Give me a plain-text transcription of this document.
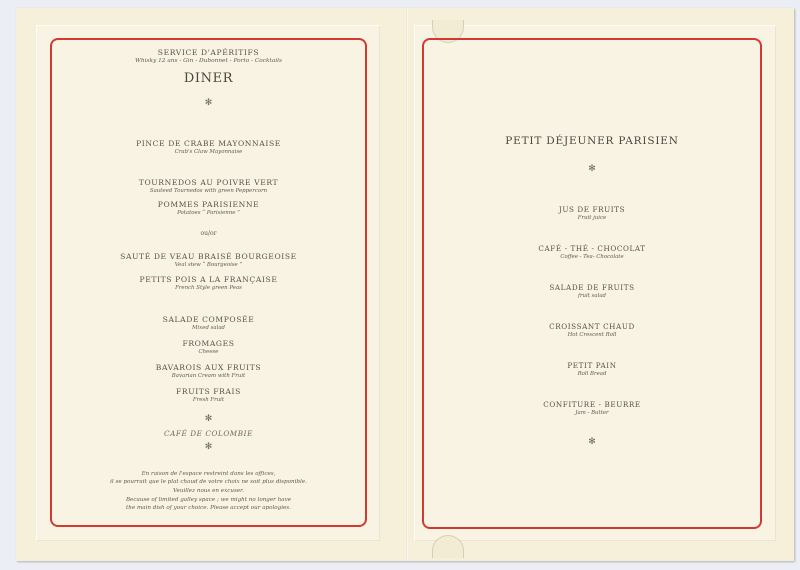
SERVICE D'APÉRITIFS
Whisky 12 ans - Gin - Dubonnet - Porto - Cocktails
DINER
✻
PINCE DE CRABE MAYONNAISE
Crab's Claw Mayonnaise
TOURNEDOS AU POIVRE VERT
Sauteed Tournedos with green Peppercorn
POMMES PARISIENNE
Potatoes “ Parisienne ”
ou/or
SAUTÉ DE VEAU BRAISÉ BOURGEOISE
Veal stew “ Bourgeoise ”
PETITS POIS A LA FRANÇAISE
French Style green Peas
SALADE COMPOSÉE
Mixed salad
FROMAGES
Cheese
BAVAROIS AUX FRUITS
Bavarian Cream with Fruit
FRUITS FRAIS
Fresh Fruit
✻
CAFÉ DE COLOMBIE
✻
En raison de l'espace restreint dans les offices,
il se pourrait que le plat chaud de votre choix ne soit plus disponible.
Veuillez nous en excuser.
Because of limited galley space ; we might no longer have
the main dish of your choice. Please accept our apologies.
PETIT DÉJEUNER PARISIEN
✻
JUS DE FRUITS
Fruit juice
CAFÉ - THÉ - CHOCOLAT
Coffee - Tea- Chocolate
SALADE DE FRUITS
fruit salad
CROISSANT CHAUD
Hot Crescent Roll
PETIT PAIN
Roll Bread
CONFITURE - BEURRE
Jam - Butter
✻
